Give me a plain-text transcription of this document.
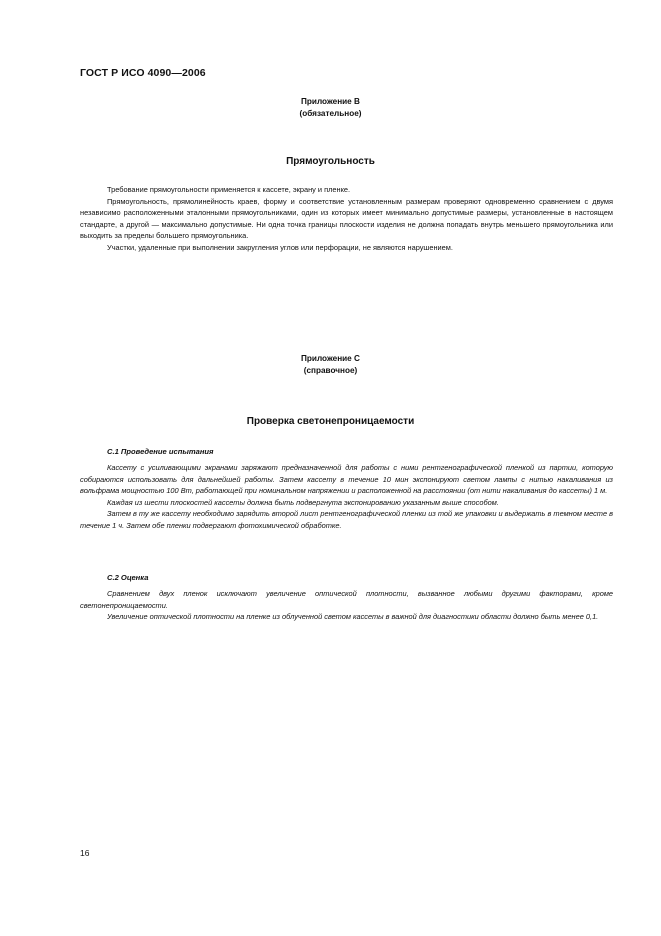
ГОСТ Р ИСО 4090—2006
Приложение B
(обязательное)
Прямоугольность

Требование прямоугольности применяется к кассете, экрану и пленке.

Прямоугольность, прямолинейность краев, форму и соответствие установленным размерам проверяют одновременно сравнением с двумя независимо расположенными эталонными прямоугольниками, один из которых имеет минимально допустимые размеры, установленные в настоящем стандарте, а другой — максимально допустимые. Ни одна точка границы плоскости изделия не должна попадать внутрь меньшего прямоугольника или выходить за пределы большего прямоугольника.

Участки, удаленные при выполнении закругления углов или перфорации, не являются нарушением.

Приложение C
(справочное)
Проверка светонепроницаемости
С.1 Проведение испытания

Кассету с усиливающими экранами заряжают предназначенной для работы с ними рентгенографической пленкой из партии, которую собираются использовать для дальнейшей работы. Затем кассету в течение 10 мин экспонируют светом лампы с нитью накаливания из вольфрама мощностью 100 Вт, работающей при номинальном напряжении и расположенной на расстоянии (от нити накаливания до кассеты) 1 м.

Каждая из шести плоскостей кассеты должна быть подвергнута экспонированию указанным выше способом.

Затем в ту же кассету необходимо зарядить второй лист рентгенографической пленки из той же упаковки и выдержать в темном месте в течение 1 ч. Затем обе пленки подвергают фотохимической обработке.

С.2 Оценка

Сравнением двух пленок исключают увеличение оптической плотности, вызванное любыми другими факторами, кроме светонепроницаемости.

Увеличение оптической плотности на пленке из облученной светом кассеты в важной для диагностики области должно быть менее 0,1.

16
